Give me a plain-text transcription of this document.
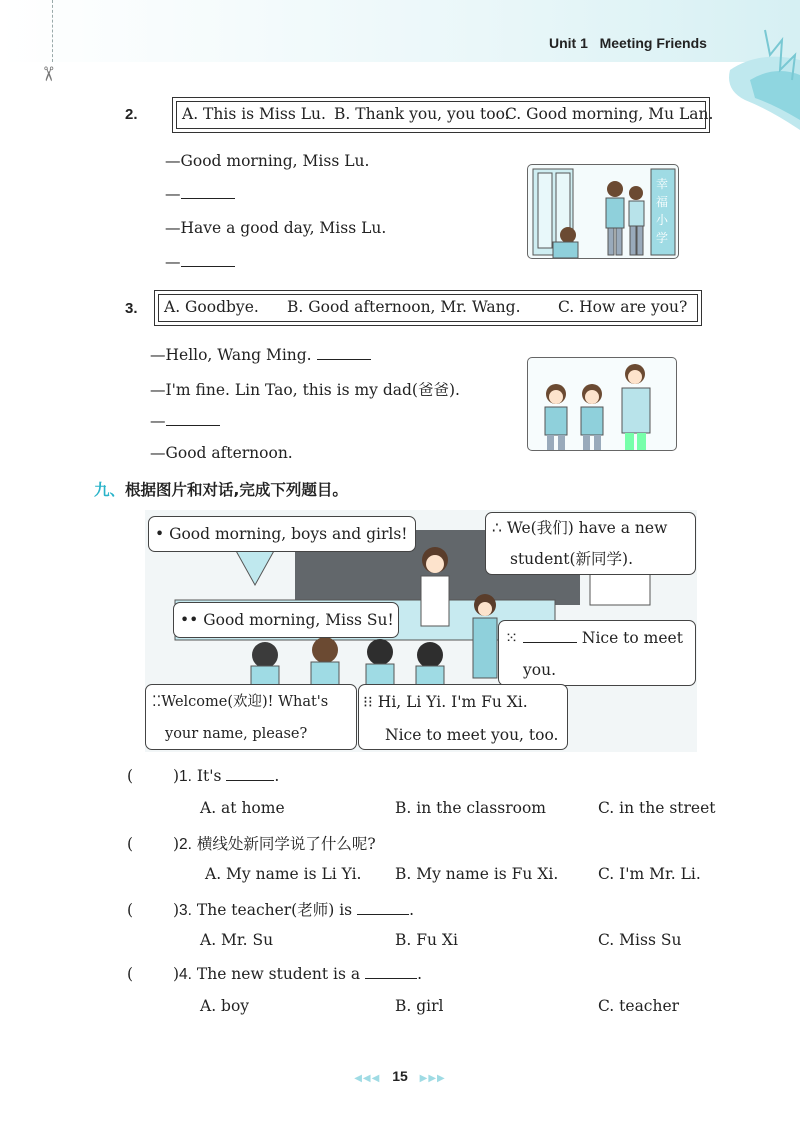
✂
Unit 1 Meeting Friends
2.	A. This is Miss Lu. B. Thank you, you too.
C. Good morning, Mu Lan.
—Good morning, Miss Lu.
—
—Have a good day, Miss Lu.
—
幸福小学
3. A. Goodbye. B. Good afternoon, Mr. Wang. C. How are you?
—Hello, Wang Ming.
—I'm fine. Lin Tao, this is my dad(爸爸).
—
—Good afternoon.
九、根据图片和对话,完成下列题目。
• Good morning, boys and girls!	∴ We(我们) have a new
student(新同学).
•• Good morning, Miss Su!
⁙	Nice to meet
you.
⁚⁚Welcome(欢迎)! What's
your name, please?
⁝⁝ Hi, Li Yi. I'm Fu Xi.
Nice to meet you, too.
(	)1. It's	.
A. at home	B. in the classroom	C. in the street
(	)2. 横线处新同学说了什么呢?
A. My name is Li Yi. B. My name is Fu Xi.	C. I'm Mr. Li.
(	)3. The teacher(老师) is	.
A. Mr. Su	B. Fu Xi	C. Miss Su
(	)4. The new student is a	.
A. boy	B. girl	C. teacher
◀◀◀ 15 ▶▶▶
